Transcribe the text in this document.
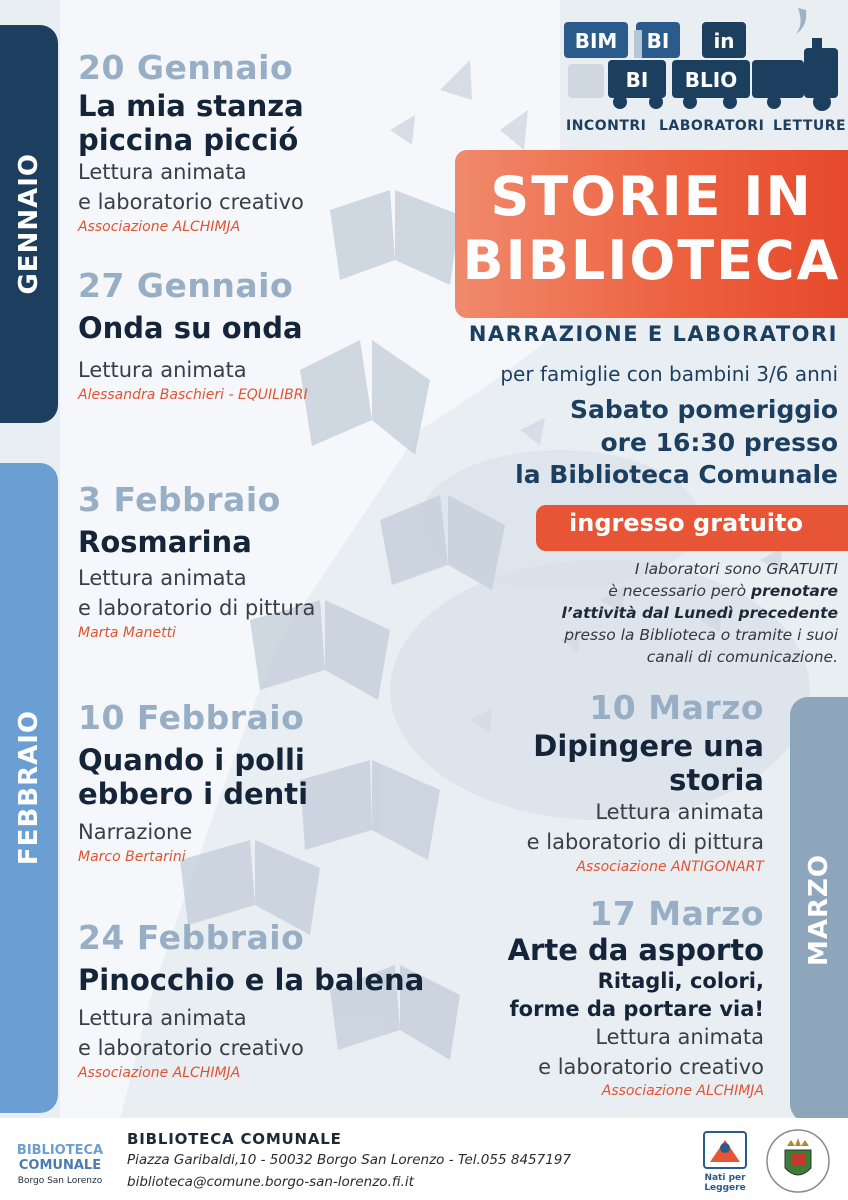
GENNAIO
FEBBRAIO
MARZO
20 Gennaio
La mia stanza
piccina picció
Lettura animata
e laboratorio creativo
Associazione ALCHIMJA
27 Gennaio
Onda su onda
Lettura animata
Alessandra Baschieri - EQUILIBRI
3 Febbraio
Rosmarina
Lettura animata
e laboratorio di pittura
Marta Manetti
10 Febbraio
Quando i polli
ebbero i denti
Narrazione
Marco Bertarini
24 Febbraio
Pinocchio e la balena
Lettura animata
e laboratorio creativo
Associazione ALCHIMJA
BIM BI in
BI BLIO
INCONTRI LABORATORI LETTURE
STORIE IN
BIBLIOTECA
NARRAZIONE E LABORATORI
per famiglie con bambini 3/6 anni
Sabato pomeriggio
ore 16:30 presso
la Biblioteca Comunale
ingresso gratuito
I laboratori sono GRATUITI
è necessario però prenotare
l’attività dal Lunedì precedente
presso la Biblioteca o tramite i suoi
canali di comunicazione.
10 Marzo
Dipingere una
storia
Lettura animata
e laboratorio di pittura
Associazione ANTIGONART
17 Marzo
Arte da asporto
Ritagli, colori,
forme da portare via!
Lettura animata
e laboratorio creativo
Associazione ALCHIMJA
BIBLIOTECA
COMUNALE
Borgo San Lorenzo
BIBLIOTECA COMUNALE
Piazza Garibaldi,10 - 50032 Borgo San Lorenzo - Tel.055 8457197
biblioteca@comune.borgo-san-lorenzo.fi.it	Nati per
Leggere
